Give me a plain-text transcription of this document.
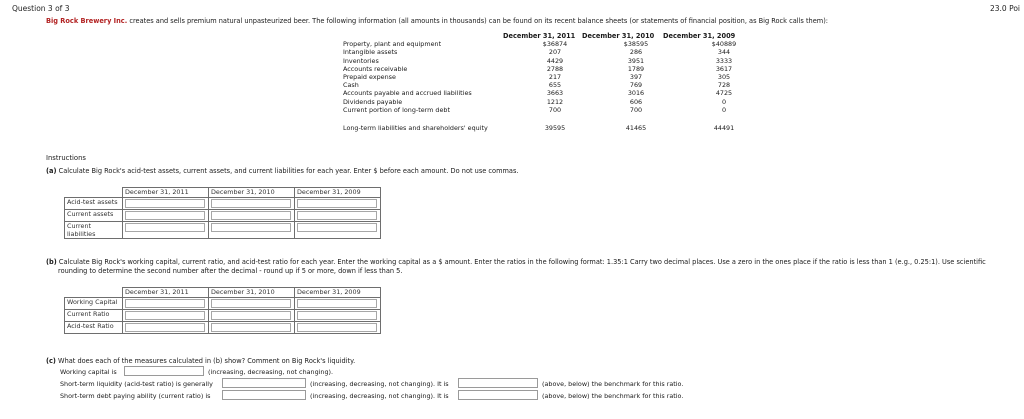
Question 3 of 3	23.0 Poi
Big Rock Brewery Inc. creates and sells premium natural unpasteurized beer. The following information (all amounts in thousands) can be found on its recent balance sheets (or statements of financial position, as Big Rock calls them):
December 31, 2011 December 31, 2010 December 31, 2009
Property, plant and equipment	$36874	$38595	$40889
Intangible assets	207	286	344
Inventories	4429	3951	3333
Accounts receivable	2788	1789	3617
Prepaid expense	217	397	305
Cash	655	769	728
Accounts payable and accrued liabilities	3663	3016	4725
Dividends payable	1212	606	0
Current portion of long-term debt	700	700	0
Long-term liabilities and shareholders' equity	39595	41465	44491
Instructions
(a) Calculate Big Rock's acid-test assets, current assets, and current liabilities for each year. Enter $ before each amount. Do not use commas.
	December 31, 2011	December 31, 2010	December 31, 2009
Acid-test assets	

Current assets	

Current liabilities	

(b) Calculate Big Rock's working capital, current ratio, and acid-test ratio for each year. Enter the working capital as a $ amount. Enter the ratios in the following format: 1.35:1 Carry two decimal places. Use a zero in the ones place if the ratio is less than 1 (e.g., 0.25:1). Use scientific
rounding to determine the second number after the decimal - round up if 5 or more, down if less than 5.
	December 31, 2011	December 31, 2010	December 31, 2009
Working Capital	

Current Ratio	

Acid-test Ratio	

(c) What does each of the measures calculated in (b) show? Comment on Big Rock's liquidity.
Working capital is	(increasing, decreasing, not changing).
Short-term liquidity (acid-test ratio) is generally	(increasing, decreasing, not changing). It is	(above, below) the benchmark for this ratio.
Short-term debt paying ability (current ratio) is	(increasing, decreasing, not changing). It is	(above, below) the benchmark for this ratio.
